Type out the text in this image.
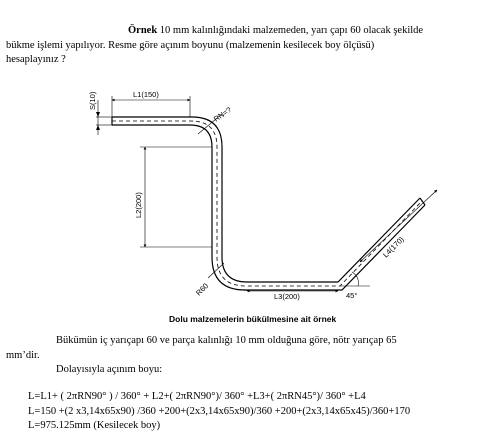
Örnek 10 mm kalınlığındaki malzemeden, yarı çapı 60 olacak şekilde
bükme işlemi yapılıyor. Resme göre açınım boyunu (malzemenin kesilecek boy ölçüsü)
hesaplayınız ?
S(10)	L1(150)
L2(200)
RN=?
R60	L3(200)	45°
L4(170)
Dolu malzemelerin bükülmesine ait örnek
Bükümün iç yarıçapı 60 ve parça kalınlığı 10 mm olduğuna göre, nötr yarıçap 65
mm’dir.
Dolayısıyla açınım boyu:
L=L1+ ( 2πRN90° ) / 360° + L2+( 2πRN90°)/ 360° +L3+( 2πRN45°)/ 360° +L4
L=150 +(2 x3,14x65x90) /360 +200+(2x3,14x65x90)/360 +200+(2x3,14x65x45)/360+170
L=975.125mm (Kesilecek boy)
